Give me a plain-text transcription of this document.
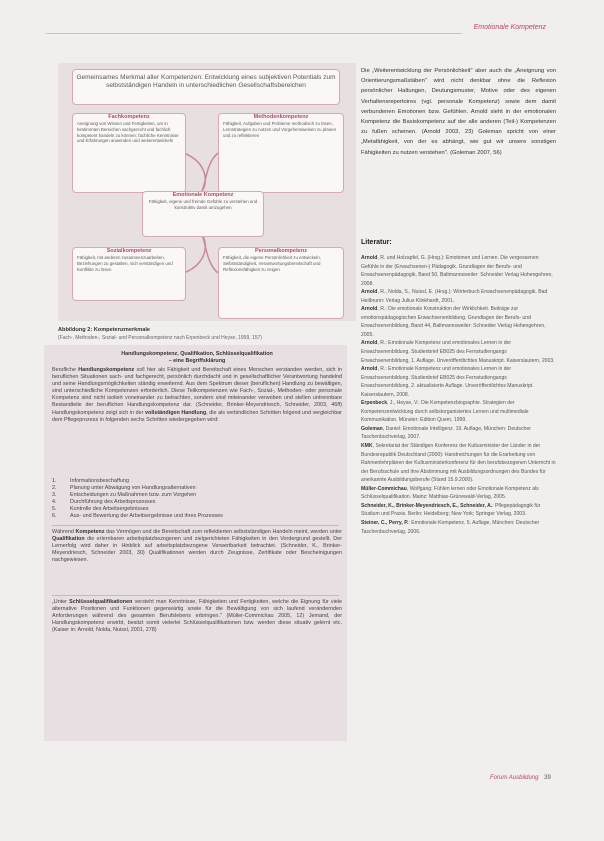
Emotionale Kompetenz
Gemeinsames Merkmal aller Kompetenzen: Entwicklung eines subjektiven Potentials zum selbstständigen Handeln in unterschiedlichen Gesellschaftsbereichen
Fachkompetenz
Aneignung von Wissen und Fertigkeiten, um in bestimmten Bereichen sachgerecht und fachlich kompetent handeln zu können; fachliche Kenntnisse und Erfahrungen anwenden und weiterentwickeln
Methodenkompetenz
Fähigkeit, Aufgaben und Probleme methodisch zu lösen, Lernstrategien zu nutzen und Vorgehensweisen zu planen und zu reflektieren
Emotionale Kompetenz
Fähigkeit, eigene und fremde Gefühle zu verstehen und konstruktiv damit umzugehen
Sozialkompetenz
Fähigkeit, mit anderen zusammenzuarbeiten, Beziehungen zu gestalten, sich verständigen und Konflikte zu lösen
Personalkompetenz
Fähigkeit, die eigene Persönlichkeit zu entwickeln, Selbstständigkeit, Verantwortungsbereitschaft und Reflexionsfähigkeit zu zeigen
Abbildung 2: Kompetenzmerkmale
(Fach-, Methoden-, Sozial- und Personalkompetenz nach Erpenbeck und Heyse, 1999, 157)
Handlungskompetenz, Qualifikation, Schlüsselqualifikation
– eine Begriffsklärung
Berufliche Handlungskompetenz soll hier als Fähigkeit und Bereitschaft eines Menschen verstanden werden, sich in beruflichen Situationen sach- und fachgerecht, persönlich durchdacht und in gesellschaftlicher Verantwortung handelnd und seine Handlungsmöglichkeiten ständig erweiternd. Aus dem Spektrum dieser (beruflichen) Handlung zu bewältigen, sind unterschiedliche Kompetenzen erforderlich. Diese Teilkompetenzen wie Fach-, Sozial-, Methoden- oder personale Kompetenz sind nicht isoliert voneinander zu betrachten, sondern sind miteinander verwoben und stellen untrennbare Bestandteile der beruflichen Handlungskompetenz dar. (Schneider, Brinker-Meyendriesch, Schneider, 2003, 46ff) Handlungskompetenz zeigt sich in der vollständigen Handlung, die als verbindlichen Schritten folgend und vergleichbar dem Pflegeprozess in folgenden sechs Schritten wiedergegeben wird:
1.	Informationsbeschaffung
2.	Planung unter Abwägung von Handlungsalternativen
3.	Entscheidungen zu Maßnahmen bzw. zum Vorgehen
4.	Durchführung des Arbeitsprozesses
5.	Kontrolle des Arbeitsergebnisses
6.	Aus- und Bewertung der Arbeitsergebnisse und ihres Prozesses
Während Kompetenz das Vermögen und die Bereitschaft zum reflektierten selbstständigen Handeln meint, werden unter Qualifikation die erlernbaren arbeitsplatzbezogenen und zielgerichteten Fähigkeiten in den Vordergrund gestellt. Der Lernerfolg wird daher in Hinblick auf arbeitsplatzbezogene Verwertbarkeit betrachtet. (Schneider, K., Brinker-Meyendriesch, Schneider 2003, 30) Qualifikationen werden durch Zeugnisse, Zertifikate oder Bescheinigungen nachgewiesen.
„Unter Schlüsselqualifikationen versteht man Kenntnisse, Fähigkeiten und Fertigkeiten, welche die Eignung für viele alternative Positionen und Funktionen gegenwärtig sowie für die Bewältigung von sich laufend verändernden Anforderungen während des gesamten Berufslebens erbringen." (Müller-Commichau 2005, 12) Jemand, der Handlungskompetenz erwirbt, besitzt somit vielerlei Schlüsselqualifikationen bzw. werden diese situativ gelernt etc. (Kaiser in: Arnold, Nolda, Nuissl, 2001, 278)
Die „Weiterentwicklung der Persönlichkeit" aber auch die „Aneignung von Orientierungsmaßstäben" wird nicht denkbar ohne die Reflexion persönlicher Haltungen, Deutungsmuster, Motive oder des eigenen Verhaltensrepertoires (vgl. personale Kompetenz) sowie dem damit verbundenen Emotionen bzw. Gefühlen. Arnold sieht in der emotionalen Kompetenz die Basiskompetenz auf der alle anderen (Teil-) Kompetenzen zu fußen scheinen. (Arnold 2003, 23) Goleman spricht von einer „Metafähigkeit, von der es abhängt, wie gut wir unsere sonstigen Fähigkeiten zu nutzen verstehen". (Goleman 2007, 56)
Literatur:
Arnold, R. und Holzapfel, G. (Hrsg.): Emotionen und Lernen. Die vergessenen Gefühle in der (Erwachsenen-) Pädagogik. Grundlagen der Berufs- und Erwachsenenpädagogik, Band 50, Baltmannsweiler: Schneider Verlag Hohengehren, 2008.
Arnold, R., Nolda, S., Nuissl, E. (Hrsg.): Wörterbuch Erwachsenenpädagogik. Bad Heilbrunn: Verlag Julius Klinkhardt, 2001.
Arnold, R.: Die emotionale Konstruktion der Wirklichkeit. Beiträge zur emotionspädagogischen Erwachsenenbildung. Grundlagen der Berufs- und Erwachsenenbildung, Band 44, Baltmannsweiler: Schneider Verlag Hohengehren, 2005.
Arnold, R.: Emotionale Kompetenz und emotionales Lernen in der Erwachsenenbildung. Studienbrief EB025 des Fernstudiengangs Erwachsenenbildung, 1. Auflage. Unveröffentlichtes Manuskript. Kaiserslautern, 2003.
Arnold, R.: Emotionale Kompetenz und emotionales Lernen in der Erwachsenenbildung. Studienbrief EB025 des Fernstudiengangs Erwachsenenbildung, 2. aktualisierte Auflage. Unveröffentlichtes Manuskript. Kaiserslautern, 2008.
Erpenbeck, J., Heyse, V.: Die Kompetenzbiographie. Strategien der Kompetenzentwicklung durch selbstorganisiertes Lernen und multimediale Kommunikation. Münster: Edition Quem, 1999.
Goleman, Daniel: Emotionale Intelligenz. 19. Auflage, München: Deutscher Taschenbuchverlag, 2007.
KMK, Sekretariat der Ständigen Konferenz der Kultusminister der Länder in der Bundesrepublik Deutschland (2000): Handreichungen für die Erarbeitung von Rahmenlehrplänen der Kultusministerkonferenz für den berufsbezogenen Unterricht in der Berufsschule und ihre Abstimmung mit Ausbildungsordnungen des Bundes für anerkannte Ausbildungsberufe (Stand 15.9.2000).
Müller-Commichau, Wolfgang: Fühlen lernen oder Emotionale Kompetenz als Schlüsselqualifikation. Mainz: Matthias-Grünewald-Verlag, 2005.
Schneider, K., Brinker-Meyendriesch, E., Schneider, A.: Pflegepädagogik für Studium und Praxis. Berlin; Heidelberg; New York; Springer Verlag, 2003.
Steiner, C., Perry, P.: Emotionale Kompetenz. 5. Auflage, München: Deutscher Taschenbuchverlag, 2006.
Forum Ausbildung 39
